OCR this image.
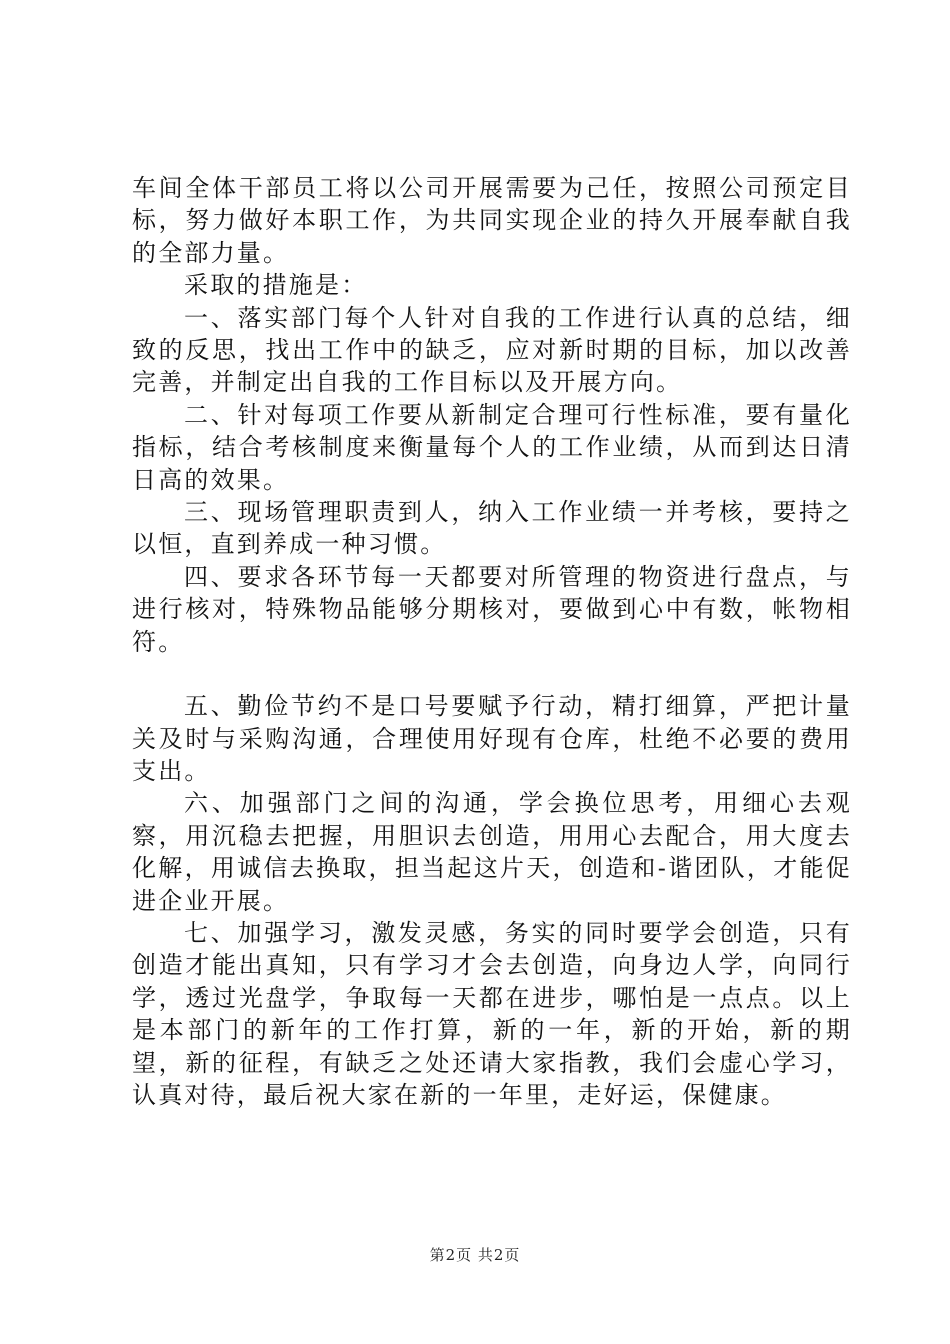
车间全体干部员工将以公司开展需要为己任，按照公司预定目标，努力做好本职工作，为共同实现企业的持久开展奉献自我的全部力量。

采取的措施是：

一、落实部门每个人针对自我的工作进行认真的总结，细致的反思，找出工作中的缺乏，应对新时期的目标，加以改善完善，并制定出自我的工作目标以及开展方向。

二、针对每项工作要从新制定合理可行性标准，要有量化指标，结合考核制度来衡量每个人的工作业绩，从而到达日清日高的效果。

三、现场管理职责到人，纳入工作业绩一并考核，要持之以恒，直到养成一种习惯。

四、要求各环节每一天都要对所管理的物资进行盘点，与进行核对，特殊物品能够分期核对，要做到心中有数，帐物相符。

五、勤俭节约不是口号要赋予行动，精打细算，严把计量关及时与采购沟通，合理使用好现有仓库，杜绝不必要的费用支出。

六、加强部门之间的沟通，学会换位思考，用细心去观察，用沉稳去把握，用胆识去创造，用用心去配合，用大度去化解，用诚信去换取，担当起这片天，创造和-谐团队，才能促进企业开展。

七、加强学习，激发灵感，务实的同时要学会创造，只有创造才能出真知，只有学习才会去创造，向身边人学，向同行学，透过光盘学，争取每一天都在进步，哪怕是一点点。以上是本部门的新年的工作打算，新的一年，新的开始，新的期望，新的征程，有缺乏之处还请大家指教，我们会虚心学习，认真对待，最后祝大家在新的一年里，走好运，保健康。

第2页 共2页
